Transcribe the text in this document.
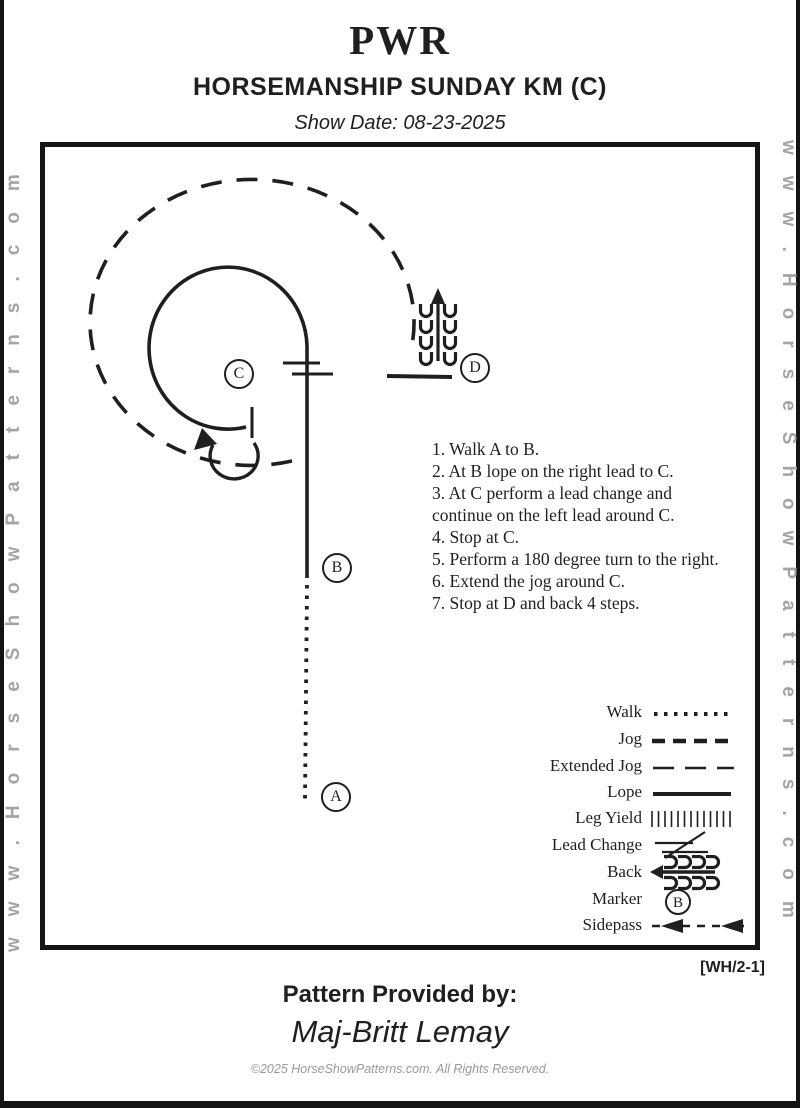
PWR
HORSEMANSHIP SUNDAY KM (C)
Show Date: 08-23-2025
www.HorseShowPatterns.com	www.HorseShowPatterns.com
A
B
C	D
1. Walk A to B.
2. At B lope on the right lead to C.
3. At C perform a lead change and continue on the left lead around C.
4. Stop at C.
5. Perform a 180 degree turn to the right.
6. Extend the jog around C.
7. Stop at D and back 4 steps.
Walk
Jog
Extended Jog
Lope
Leg Yield
Lead Change
Back
Marker
Sidepass
B
[WH/2-1]
Pattern Provided by:
Maj-Britt Lemay
©2025 HorseShowPatterns.com. All Rights Reserved.
